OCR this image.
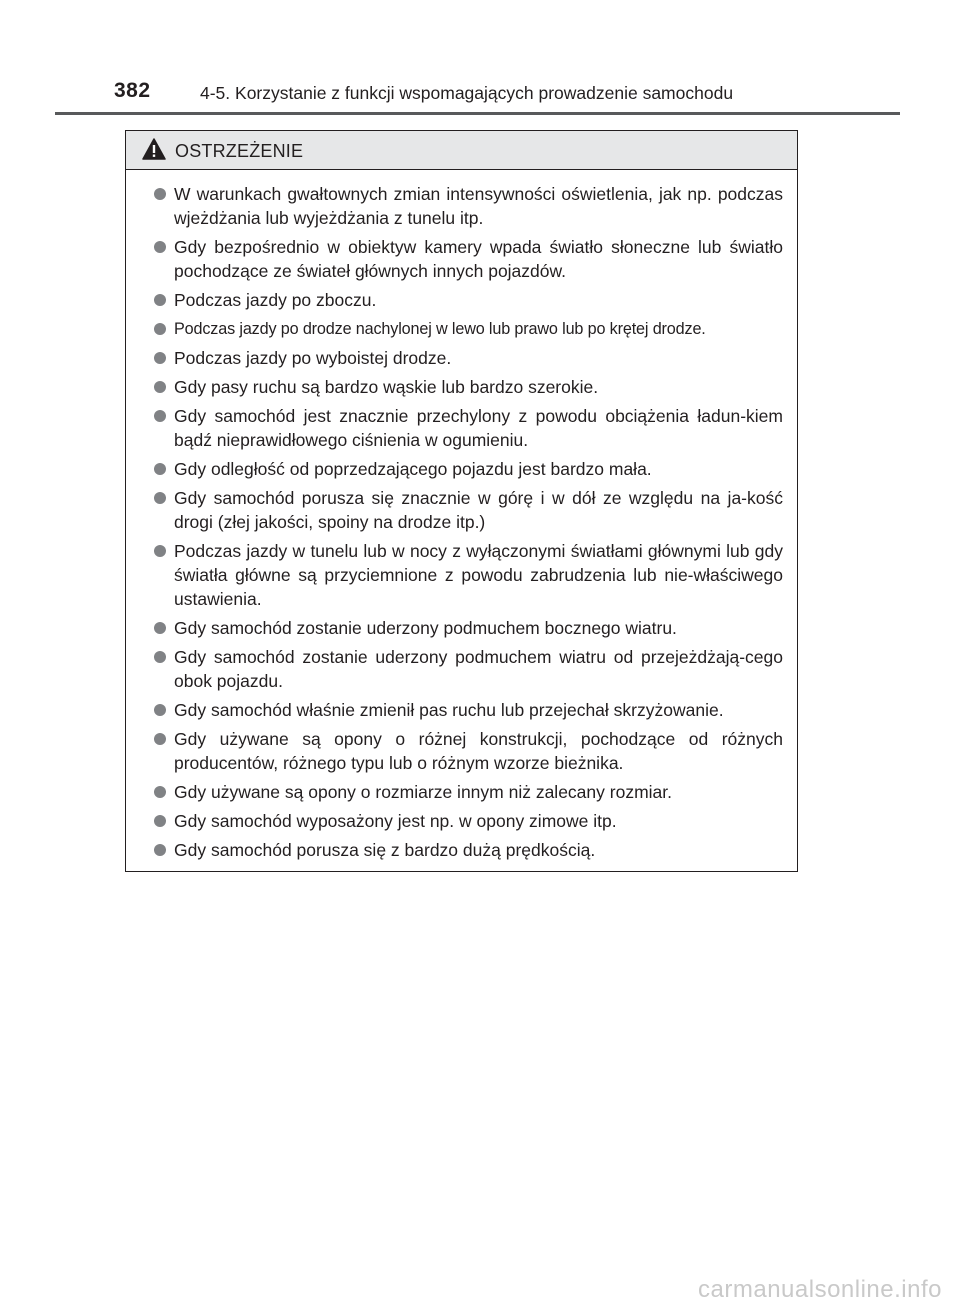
382	4-5. Korzystanie z funkcji wspomagających prowadzenie samochodu
OSTRZEŻENIE
W warunkach gwałtownych zmian intensywności oświetlenia, jak np. podczas wjeżdżania lub wyjeżdżania z tunelu itp.
Gdy bezpośrednio w obiektyw kamery wpada światło słoneczne lub światło pochodzące ze świateł głównych innych pojazdów.
Podczas jazdy po zboczu.
Podczas jazdy po drodze nachylonej w lewo lub prawo lub po krętej drodze.
Podczas jazdy po wyboistej drodze.
Gdy pasy ruchu są bardzo wąskie lub bardzo szerokie.
Gdy samochód jest znacznie przechylony z powodu obciążenia ładun-kiem bądź nieprawidłowego ciśnienia w ogumieniu.
Gdy odległość od poprzedzającego pojazdu jest bardzo mała.
Gdy samochód porusza się znacznie w górę i w dół ze względu na ja-kość drogi (złej jakości, spoiny na drodze itp.)
Podczas jazdy w tunelu lub w nocy z wyłączonymi światłami głównymi lub gdy światła główne są przyciemnione z powodu zabrudzenia lub nie-właściwego ustawienia.
Gdy samochód zostanie uderzony podmuchem bocznego wiatru.
Gdy samochód zostanie uderzony podmuchem wiatru od przejeżdżają-cego obok pojazdu.
Gdy samochód właśnie zmienił pas ruchu lub przejechał skrzyżowanie.
Gdy używane są opony o różnej konstrukcji, pochodzące od różnych producentów, różnego typu lub o różnym wzorze bieżnika.
Gdy używane są opony o rozmiarze innym niż zalecany rozmiar.
Gdy samochód wyposażony jest np. w opony zimowe itp.
Gdy samochód porusza się z bardzo dużą prędkością.
carmanualsonline.info
